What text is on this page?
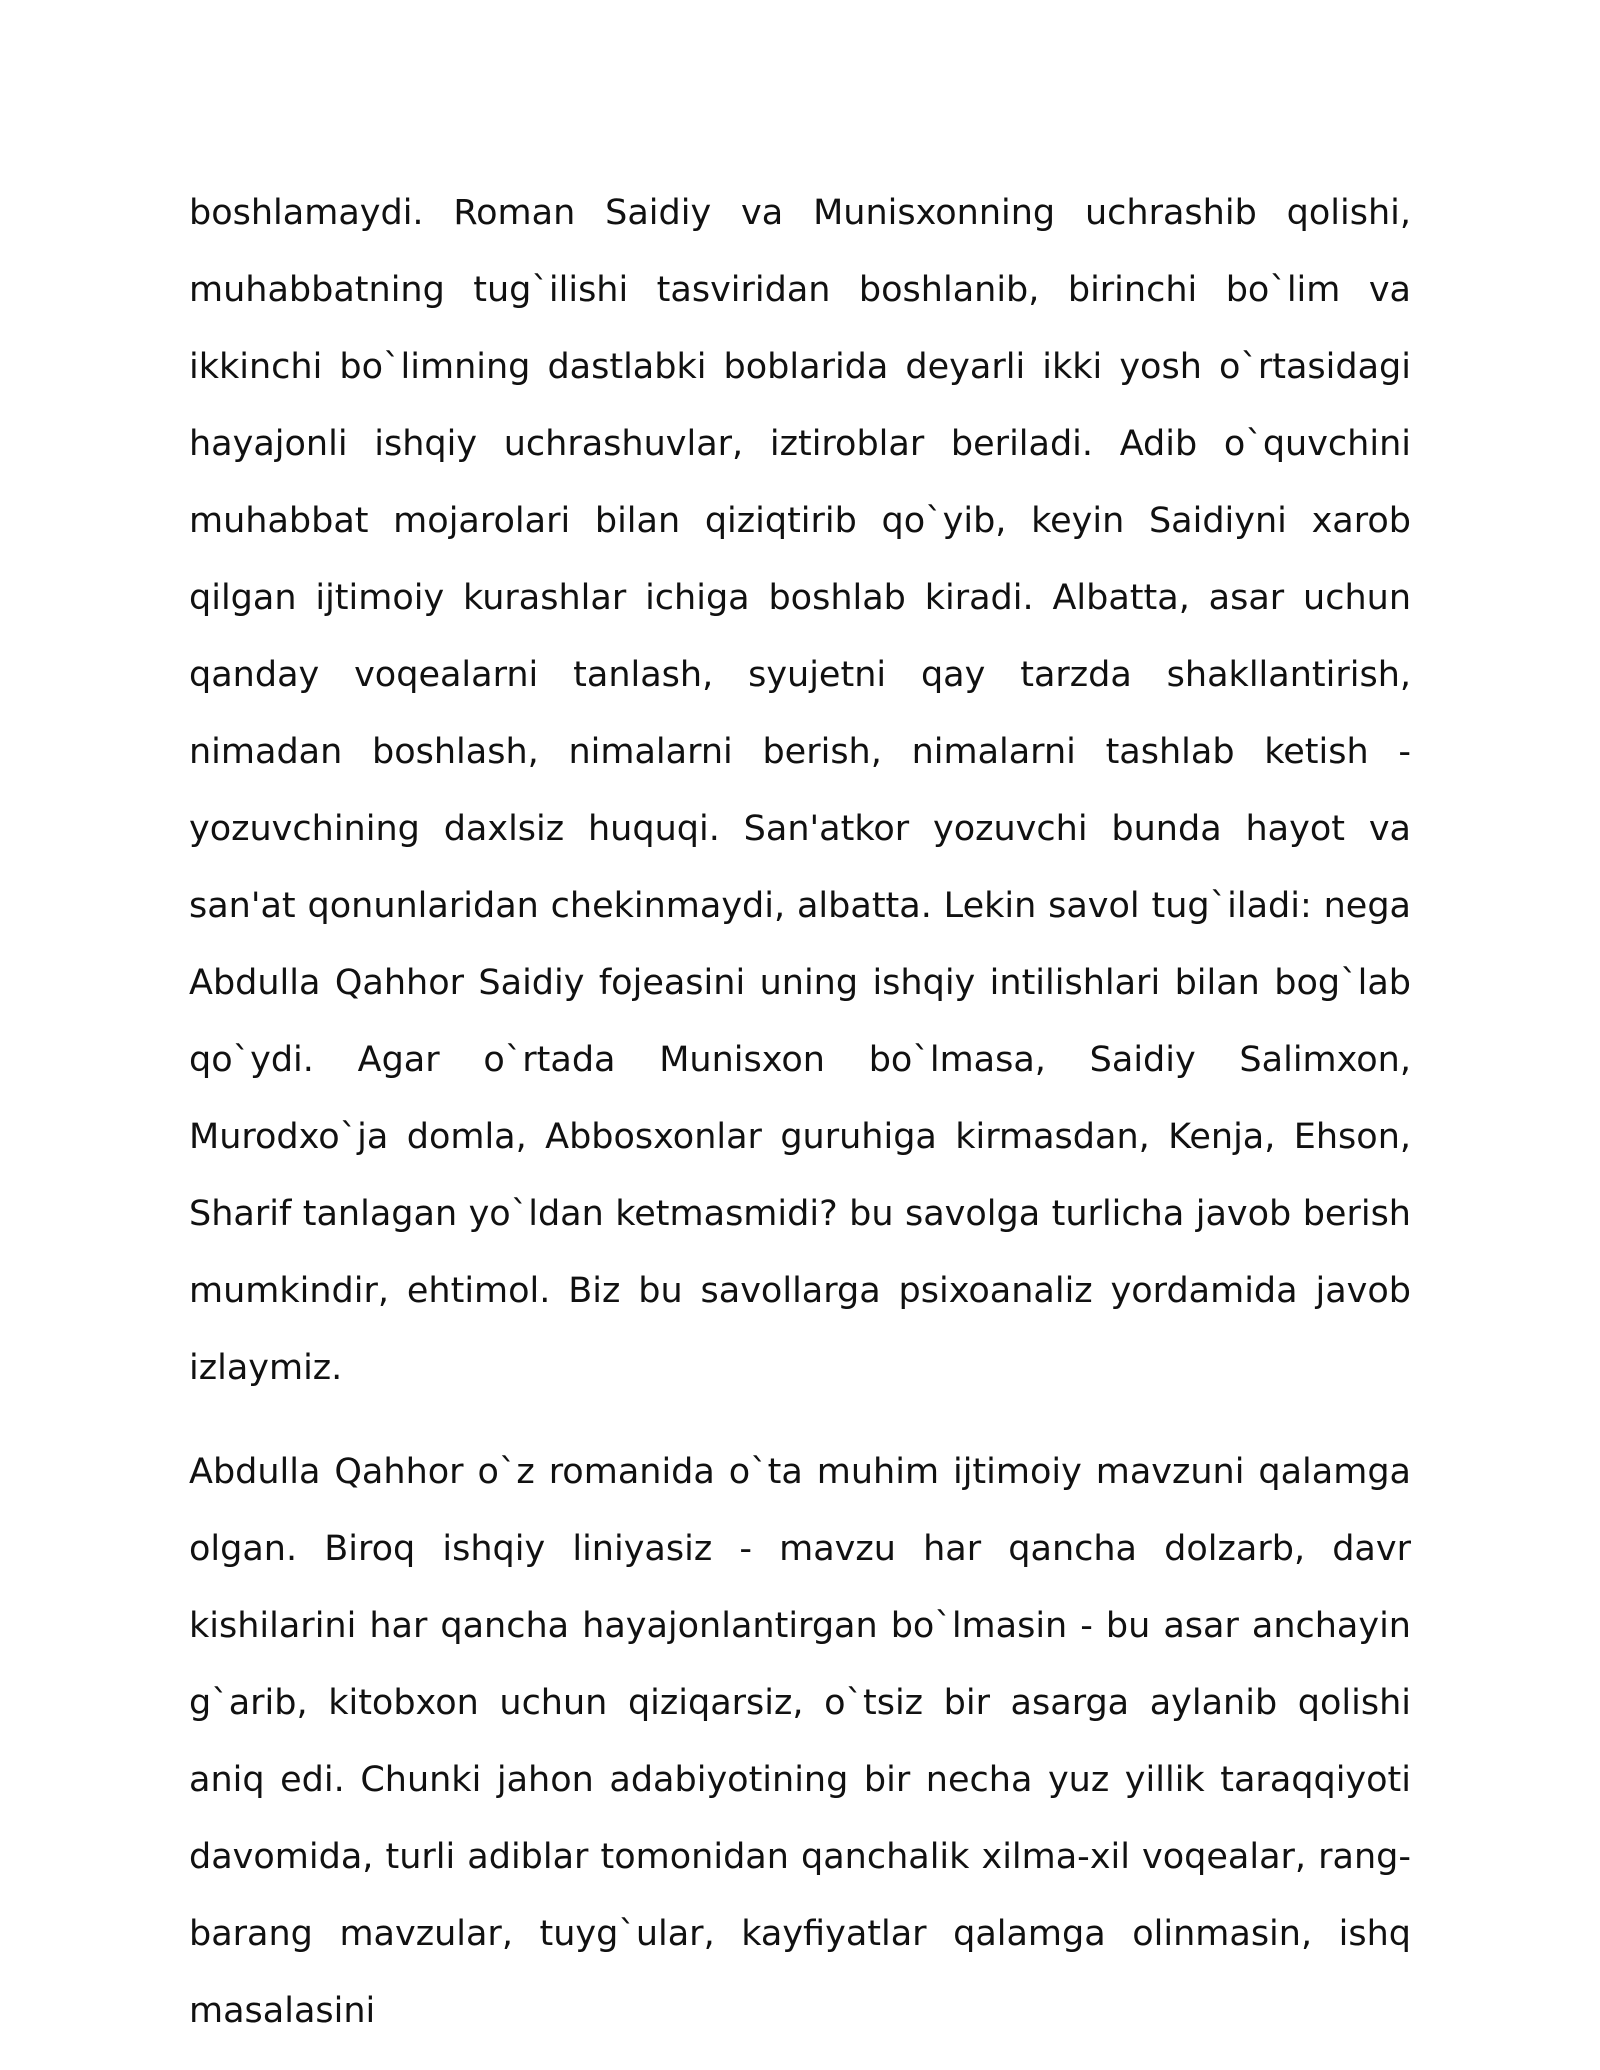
boshlamaydi. Roman Saidiy va Munisxonning uchrashib qolishi, muhabbatning tug`ilishi tasviridan boshlanib, birinchi bo`lim va ikkinchi bo`limning dastlabki boblarida deyarli ikki yosh o`rtasidagi hayajonli ishqiy uchrashuvlar, iztiroblar beriladi. Adib o`quvchini muhabbat mojarolari bilan qiziqtirib qo`yib, keyin Saidiyni xarob qilgan ijtimoiy kurashlar ichiga boshlab kiradi. Albatta, asar uchun qanday voqealarni tanlash, syujetni qay tarzda shakllantirish, nimadan boshlash, nimalarni berish, nimalarni tashlab ketish - yozuvchining daxlsiz huquqi. San'atkor yozuvchi bunda hayot va san'at qonunlaridan chekinmaydi, albatta. Lekin savol tug`iladi: nega Abdulla Qahhor Saidiy fojeasini uning ishqiy intilishlari bilan bog`lab qo`ydi. Agar o`rtada Munisxon bo`lmasa, Saidiy Salimxon, Murodxo`ja domla, Abbosxonlar guruhiga kirmasdan, Kenja, Ehson, Sharif tanlagan yo`ldan ketmasmidi? bu savolga turlicha javob berish mumkindir, ehtimol. Biz bu savollarga psixoanaliz yordamida javob izlaymiz.

Abdulla Qahhor o`z romanida o`ta muhim ijtimoiy mavzuni qalamga olgan. Biroq ishqiy liniyasiz - mavzu har qancha dolzarb, davr kishilarini har qancha hayajonlantirgan bo`lmasin - bu asar anchayin g`arib, kitobxon uchun qiziqarsiz, o`tsiz bir asarga aylanib qolishi aniq edi. Chunki jahon adabiyotining bir necha yuz yillik taraqqiyoti davomida, turli adiblar tomonidan qanchalik xilma-xil voqealar, rang-barang mavzular, tuyg`ular, kayfiyatlar qalamga olinmasin, ishq masalasini
